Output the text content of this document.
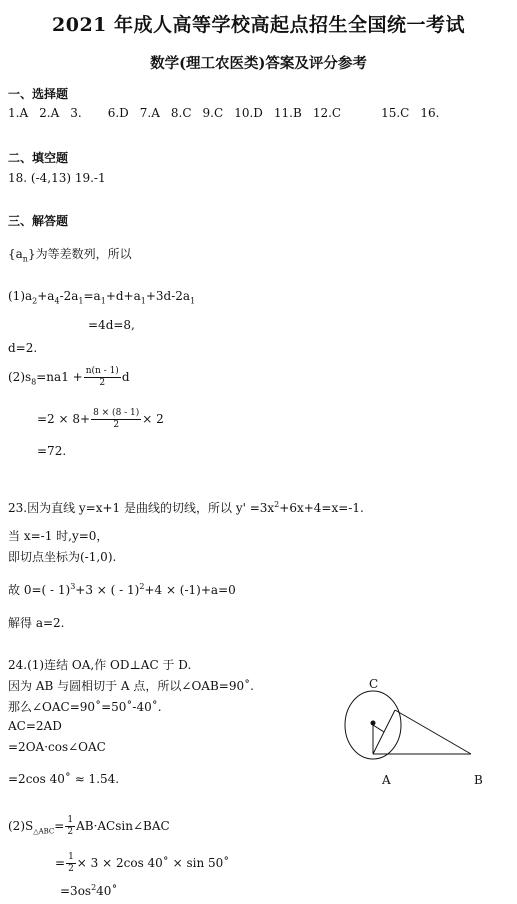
2021 年成人高等学校高起点招生全国统一考试
数学(理工农医类)答案及评分参考
一、选择题
1.A 2.A 3. 6.D 7.A 8.C 9.C 10.D 11.B 12.C	15.C 16.
二、填空题
18. (-4,13) 19.-1
三、解答题
$\{a_n\}$为等差数列，所以
$(1)a_2+a_4-2a_1=a_1+d+a_1+3d-2a_1$
=4d=8,
d=2.
$(2)s_8=na1 + \frac{n(n - 1)}{2}$ d
$=2 \times 8+ \frac{8 \times (8 - 1)}{2} \times 2$
=72.
23.因为直线 y=x+1 是曲线的切线，所以 $y' =3x^2+6x+4=x=-1$.
当 x=-1 时,y=0，
即切点坐标为(-1,0).
故 0=( - 1)$^3$+3 × ( - 1)$^2$+4 × (-1)+a=0
解得 a=2.
24.(1)连结 OA,作 OD⊥AC 于 D.
因为 AB 与圆相切于 A 点，所以∠OAB=90˚.
那么∠OAC=90˚=50˚-40˚.
AC=2AD
=2OA·cos∠OAC
=2cos 40˚ ≈ 1.54.
$(2)S_{\triangle ABC}= \frac{1}{2}$ AB·ACsin∠BAC
= $\frac{1}{2} \times 3 \times 2\cos$ 40˚ × sin 50˚
$=3os^240˚$
C
A	B
